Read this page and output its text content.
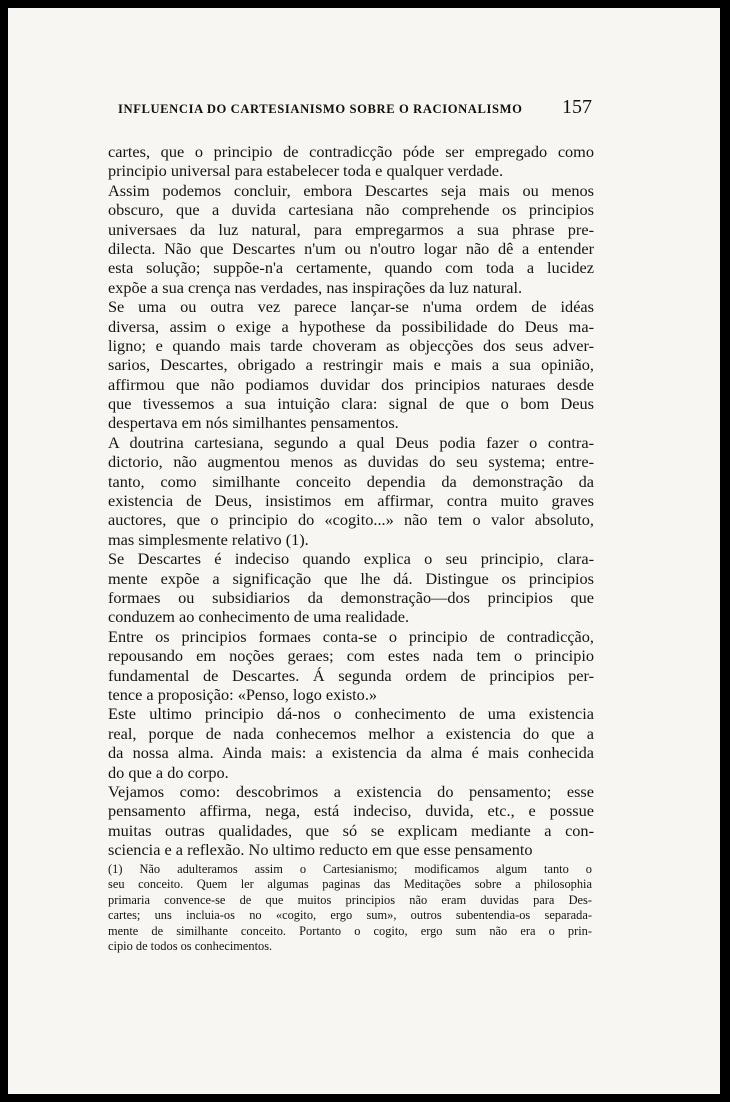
INFLUENCIA DO CARTESIANISMO SOBRE O RACIONALISMO 157

cartes, que o principio de contradicção póde ser empregado como
principio universal para estabelecer toda e qualquer verdade.

Assim podemos concluir, embora Descartes seja mais ou menos
obscuro, que a duvida cartesiana não comprehende os principios
universaes da luz natural, para empregarmos a sua phrase pre-
dilecta. Não que Descartes n'um ou n'outro logar não dê a entender
esta solução; suppõe-n'a certamente, quando com toda a lucidez
expõe a sua crença nas verdades, nas inspirações da luz natural.

Se uma ou outra vez parece lançar-se n'uma ordem de idéas
diversa, assim o exige a hypothese da possibilidade do Deus ma-
ligno; e quando mais tarde choveram as objecções dos seus adver-
sarios, Descartes, obrigado a restringir mais e mais a sua opinião,
affirmou que não podiamos duvidar dos principios naturaes desde
que tivessemos a sua intuição clara: signal de que o bom Deus
despertava em nós similhantes pensamentos.

A doutrina cartesiana, segundo a qual Deus podia fazer o contra-
dictorio, não augmentou menos as duvidas do seu systema; entre-
tanto, como similhante conceito dependia da demonstração da
existencia de Deus, insistimos em affirmar, contra muito graves
auctores, que o principio do «cogito...» não tem o valor absoluto,
mas simplesmente relativo (1).

Se Descartes é indeciso quando explica o seu principio, clara-
mente expõe a significação que lhe dá. Distingue os principios
formaes ou subsidiarios da demonstração—dos principios que
conduzem ao conhecimento de uma realidade.

Entre os principios formaes conta-se o principio de contradicção,
repousando em noções geraes; com estes nada tem o principio
fundamental de Descartes. Á segunda ordem de principios per-
tence a proposição: «Penso, logo existo.»

Este ultimo principio dá-nos o conhecimento de uma existencia
real, porque de nada conhecemos melhor a existencia do que a
da nossa alma. Ainda mais: a existencia da alma é mais conhecida
do que a do corpo.

Vejamos como: descobrimos a existencia do pensamento; esse
pensamento affirma, nega, está indeciso, duvida, etc., e possue
muitas outras qualidades, que só se explicam mediante a con-
sciencia e a reflexão. No ultimo reducto em que esse pensamento

(1) Não adulteramos assim o Cartesianismo; modificamos algum tanto o
seu conceito. Quem ler algumas paginas das Meditações sobre a philosophia
primaria convence-se de que muitos principios não eram duvidas para Des-
cartes; uns incluia-os no «cogito, ergo sum», outros subentendia-os separada-
mente de similhante conceito. Portanto o cogito, ergo sum não era o prin-
cipio de todos os conhecimentos.
